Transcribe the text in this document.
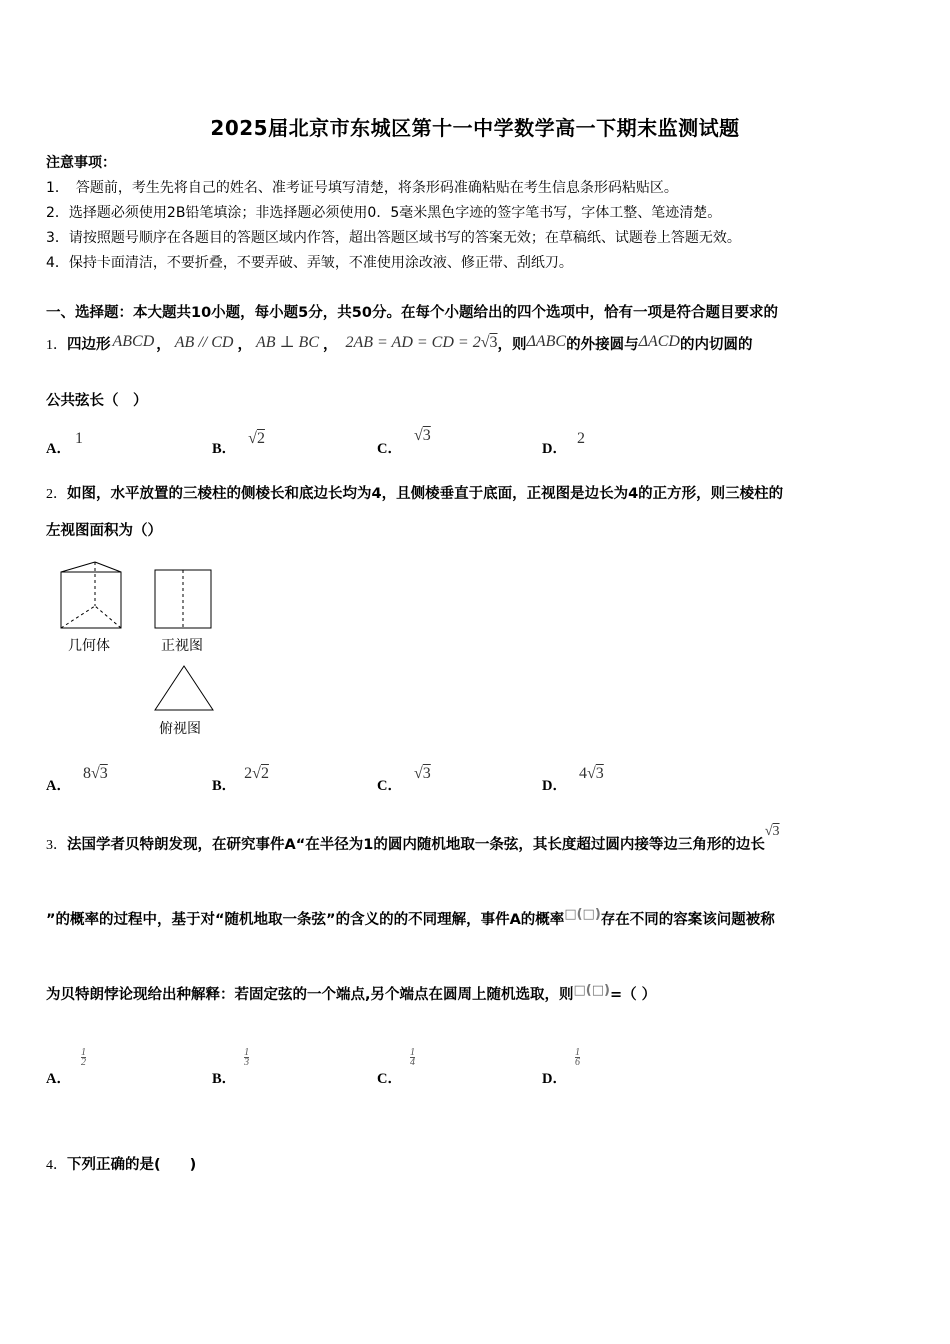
2025届北京市东城区第十一中学数学高一下期末监测试题
注意事项：
1．　答题前，考生先将自己的姓名、准考证号填写清楚，将条形码准确粘贴在考生信息条形码粘贴区。
2．选择题必须使用2B铅笔填涂；非选择题必须使用0．5毫米黑色字迹的签字笔书写，字体工整、笔迹清楚。
3．请按照题号顺序在各题目的答题区域内作答，超出答题区域书写的答案无效；在草稿纸、试题卷上答题无效。
4．保持卡面清洁，不要折叠，不要弄破、弄皱，不准使用涂改液、修正带、刮纸刀。
一、选择题：本大题共10小题，每小题5分，共50分。在每个小题给出的四个选项中，恰有一项是符合题目要求的
1．四边形 ABCD ， AB // CD ， AB ⊥ BC ， 2AB = AD = CD = 2√3，则ΔABC的外接圆与ΔACD的内切圆的
公共弦长（　）
A．1
B．√2
C．√3
D．2
2．如图，水平放置的三棱柱的侧棱长和底边长均为4，且侧棱垂直于底面，正视图是边长为4的正方形，则三棱柱的
左视图面积为（）
几何体	正视图
俯视图
A．8√3
B．2√2
C．√3
D．4√3
3．法国学者贝特朗发现，在研究事件A“在半径为1的圆内随机地取一条弦，其长度超过圆内接等边三角形的边长√3
”的概率的过程中，基于对“随机地取一条弦”的含义的的不同理解，事件A的概率□(□)存在不同的容案该问题被称
为贝特朗悖论现给出种解释：若固定弦的一个端点,另个端点在圆周上随机选取，则□(□)=（ ）
A．
$\frac{1}{2}$
B．
$\frac{1}{3}$
C．
$\frac{1}{4}$
D．
$\frac{1}{6}$
4．下列正确的是(　　)
